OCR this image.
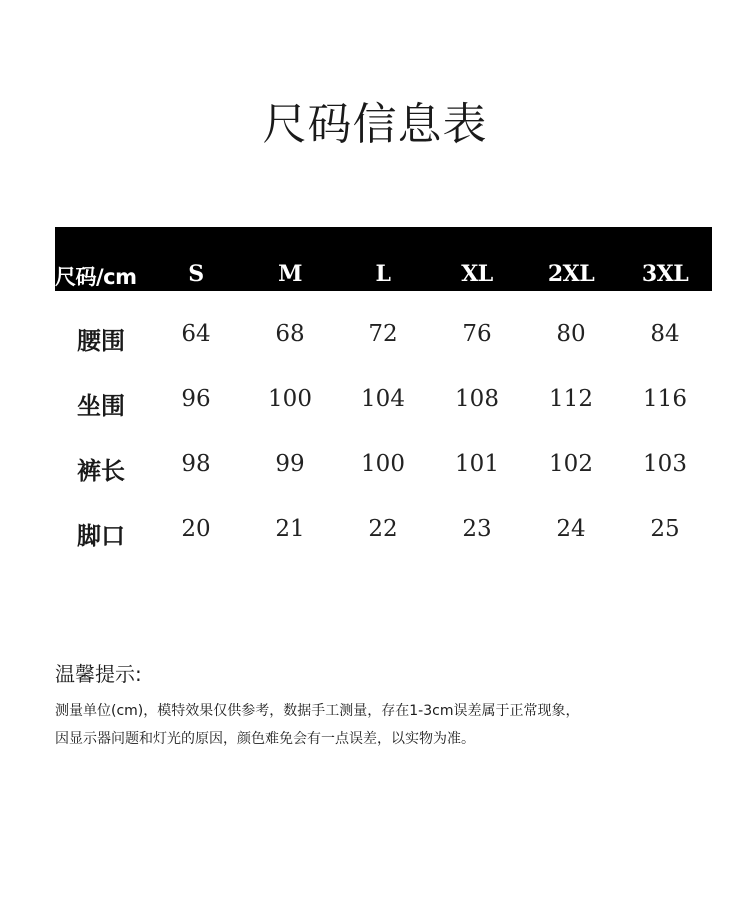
尺码信息表
尺码/cm	S	M	L	XL	2XL	3XL
腰围	64	68	72	76	80	84
坐围	96	100	104	108	112	116
裤长	98	99	100	101	102	103
脚口	20	21	22	23	24	25
温馨提示:
测量单位(cm)，模特效果仅供参考，数据手工测量，存在1-3cm误差属于正常现象，
因显示器问题和灯光的原因，颜色难免会有一点误差，以实物为准。
